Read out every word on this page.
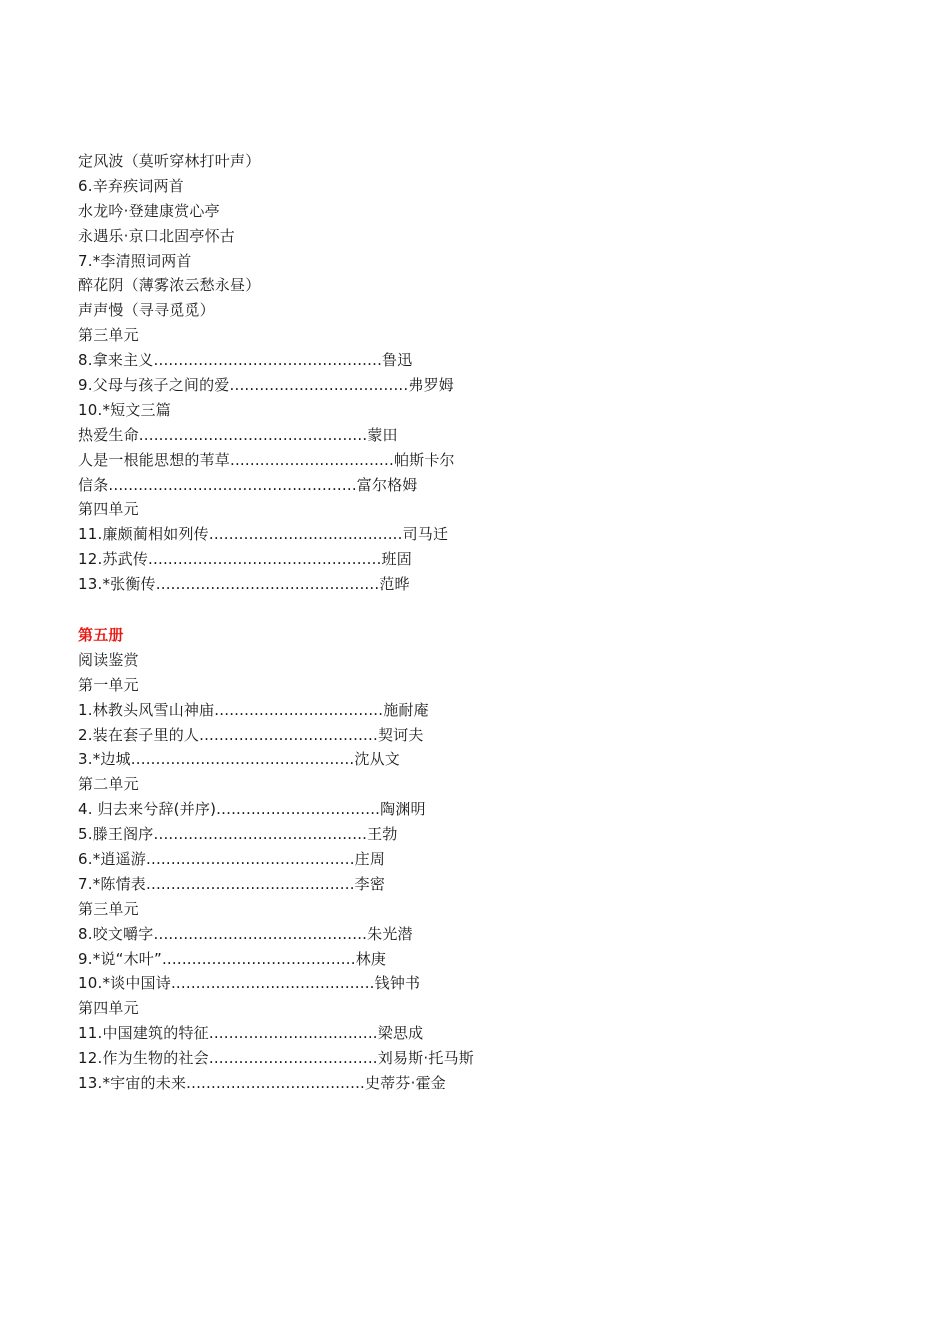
定风波（莫听穿林打叶声）
6.辛弃疾词两首
水龙吟·登建康赏心亭
永遇乐·京口北固亭怀古
7.*李清照词两首
醉花阴（薄雾浓云愁永昼）
声声慢（寻寻觅觅）
第三单元
8.拿来主义..............................................鲁迅
9.父母与孩子之间的爱....................................弗罗姆
10.*短文三篇
热爱生命..............................................蒙田
人是一根能思想的苇草.................................帕斯卡尔
信条..................................................富尔格姆
第四单元
11.廉颇蔺相如列传.......................................司马迁
12.苏武传...............................................班固
13.*张衡传.............................................范晔
第五册
阅读鉴赏
第一单元
1.林教头风雪山神庙..................................施耐庵
2.装在套子里的人....................................契诃夫
3.*边城.............................................沈从文
第二单元
4. 归去来兮辞(并序).................................陶渊明
5.滕王阁序...........................................王勃
6.*逍遥游..........................................庄周
7.*陈情表..........................................李密
第三单元
8.咬文嚼字...........................................朱光潜
9.*说“木叶”.......................................林庚
10.*谈中国诗.........................................钱钟书
第四单元
11.中国建筑的特征..................................梁思成
12.作为生物的社会..................................刘易斯·托马斯
13.*宇宙的未来....................................史蒂芬·霍金
